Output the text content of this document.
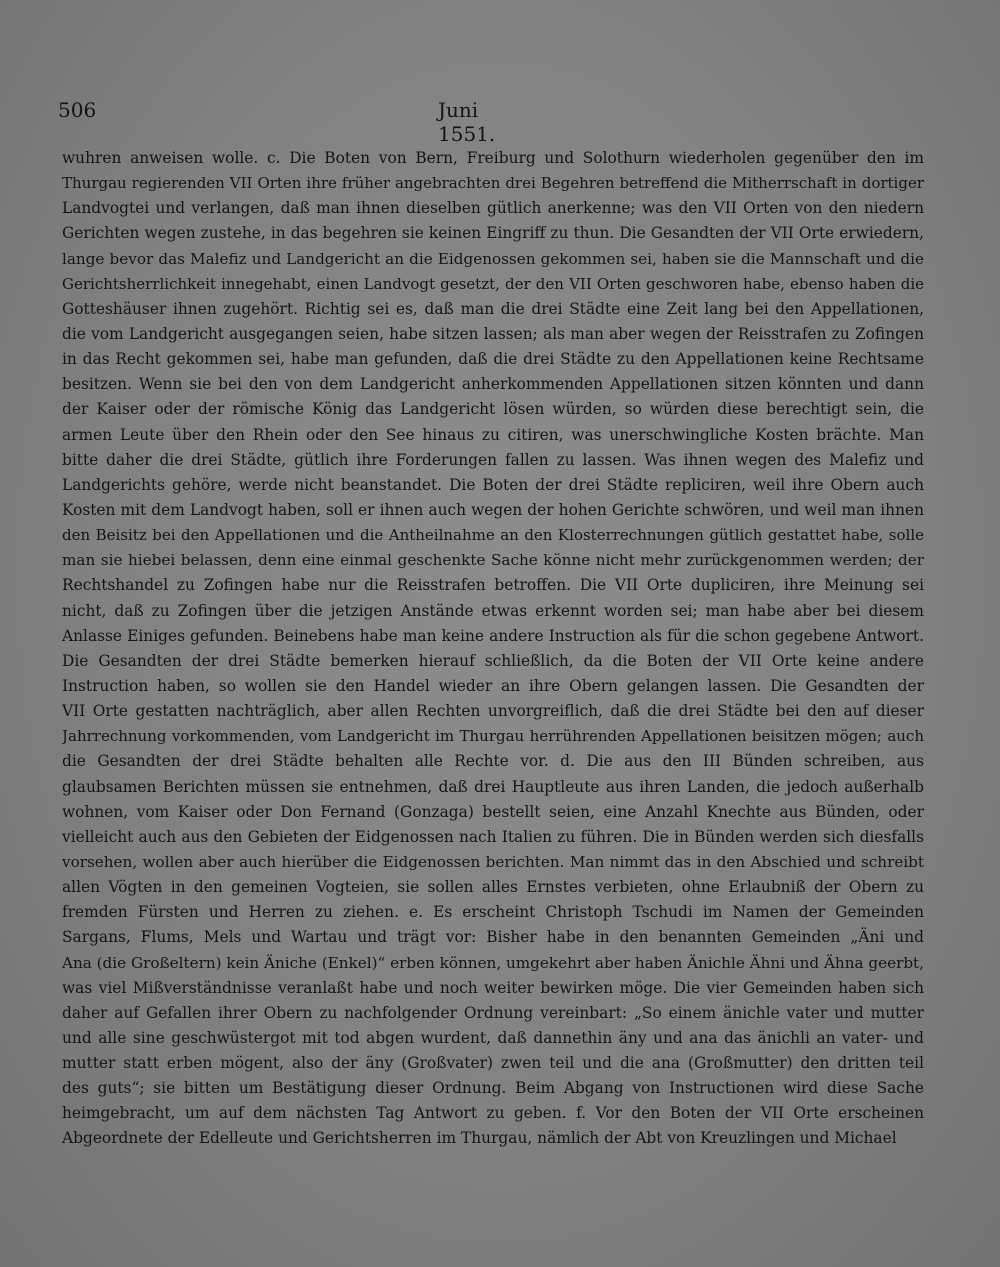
506	Juni 1551.
wuhren anweisen wolle. c. Die Boten von Bern, Freiburg und Solothurn wiederholen gegenüber den im
Thurgau regierenden VII Orten ihre früher angebrachten drei Begehren betreffend die Mitherrschaft in dortiger
Landvogtei und verlangen, daß man ihnen dieselben gütlich anerkenne; was den VII Orten von den niedern
Gerichten wegen zustehe, in das begehren sie keinen Eingriff zu thun. Die Gesandten der VII Orte erwiedern,
lange bevor das Malefiz und Landgericht an die Eidgenossen gekommen sei, haben sie die Mannschaft und die
Gerichtsherrlichkeit innegehabt, einen Landvogt gesetzt, der den VII Orten geschworen habe, ebenso haben die
Gotteshäuser ihnen zugehört. Richtig sei es, daß man die drei Städte eine Zeit lang bei den Appellationen,
die vom Landgericht ausgegangen seien, habe sitzen lassen; als man aber wegen der Reisstrafen zu Zofingen
in das Recht gekommen sei, habe man gefunden, daß die drei Städte zu den Appellationen keine Rechtsame
besitzen. Wenn sie bei den von dem Landgericht anherkommenden Appellationen sitzen könnten und dann
der Kaiser oder der römische König das Landgericht lösen würden, so würden diese berechtigt sein, die
armen Leute über den Rhein oder den See hinaus zu citiren, was unerschwingliche Kosten brächte. Man
bitte daher die drei Städte, gütlich ihre Forderungen fallen zu lassen. Was ihnen wegen des Malefiz und
Landgerichts gehöre, werde nicht beanstandet. Die Boten der drei Städte repliciren, weil ihre Obern auch
Kosten mit dem Landvogt haben, soll er ihnen auch wegen der hohen Gerichte schwören, und weil man ihnen
den Beisitz bei den Appellationen und die Antheilnahme an den Klosterrechnungen gütlich gestattet habe, solle
man sie hiebei belassen, denn eine einmal geschenkte Sache könne nicht mehr zurückgenommen werden; der
Rechtshandel zu Zofingen habe nur die Reisstrafen betroffen. Die VII Orte dupliciren, ihre Meinung sei
nicht, daß zu Zofingen über die jetzigen Anstände etwas erkennt worden sei; man habe aber bei diesem
Anlasse Einiges gefunden. Beinebens habe man keine andere Instruction als für die schon gegebene Antwort.
Die Gesandten der drei Städte bemerken hierauf schließlich, da die Boten der VII Orte keine andere
Instruction haben, so wollen sie den Handel wieder an ihre Obern gelangen lassen. Die Gesandten der
VII Orte gestatten nachträglich, aber allen Rechten unvorgreiflich, daß die drei Städte bei den auf dieser
Jahrrechnung vorkommenden, vom Landgericht im Thurgau herrührenden Appellationen beisitzen mögen; auch
die Gesandten der drei Städte behalten alle Rechte vor. d. Die aus den III Bünden schreiben, aus
glaubsamen Berichten müssen sie entnehmen, daß drei Hauptleute aus ihren Landen, die jedoch außerhalb
wohnen, vom Kaiser oder Don Fernand (Gonzaga) bestellt seien, eine Anzahl Knechte aus Bünden, oder
vielleicht auch aus den Gebieten der Eidgenossen nach Italien zu führen. Die in Bünden werden sich diesfalls
vorsehen, wollen aber auch hierüber die Eidgenossen berichten. Man nimmt das in den Abschied und schreibt
allen Vögten in den gemeinen Vogteien, sie sollen alles Ernstes verbieten, ohne Erlaubniß der Obern zu
fremden Fürsten und Herren zu ziehen. e. Es erscheint Christoph Tschudi im Namen der Gemeinden
Sargans, Flums, Mels und Wartau und trägt vor: Bisher habe in den benannten Gemeinden „Äni und
Ana (die Großeltern) kein Äniche (Enkel)“ erben können, umgekehrt aber haben Änichle Ähni und Ähna geerbt,
was viel Mißverständnisse veranlaßt habe und noch weiter bewirken möge. Die vier Gemeinden haben sich
daher auf Gefallen ihrer Obern zu nachfolgender Ordnung vereinbart: „So einem änichle vater und mutter
und alle sine geschwüstergot mit tod abgen wurdent, daß dannethin äny und ana das änichli an vater- und
mutter statt erben mögent, also der äny (Großvater) zwen teil und die ana (Großmutter) den dritten teil
des guts“; sie bitten um Bestätigung dieser Ordnung. Beim Abgang von Instructionen wird diese Sache
heimgebracht, um auf dem nächsten Tag Antwort zu geben. f. Vor den Boten der VII Orte erscheinen
Abgeordnete der Edelleute und Gerichtsherren im Thurgau, nämlich der Abt von Kreuzlingen und Michael
